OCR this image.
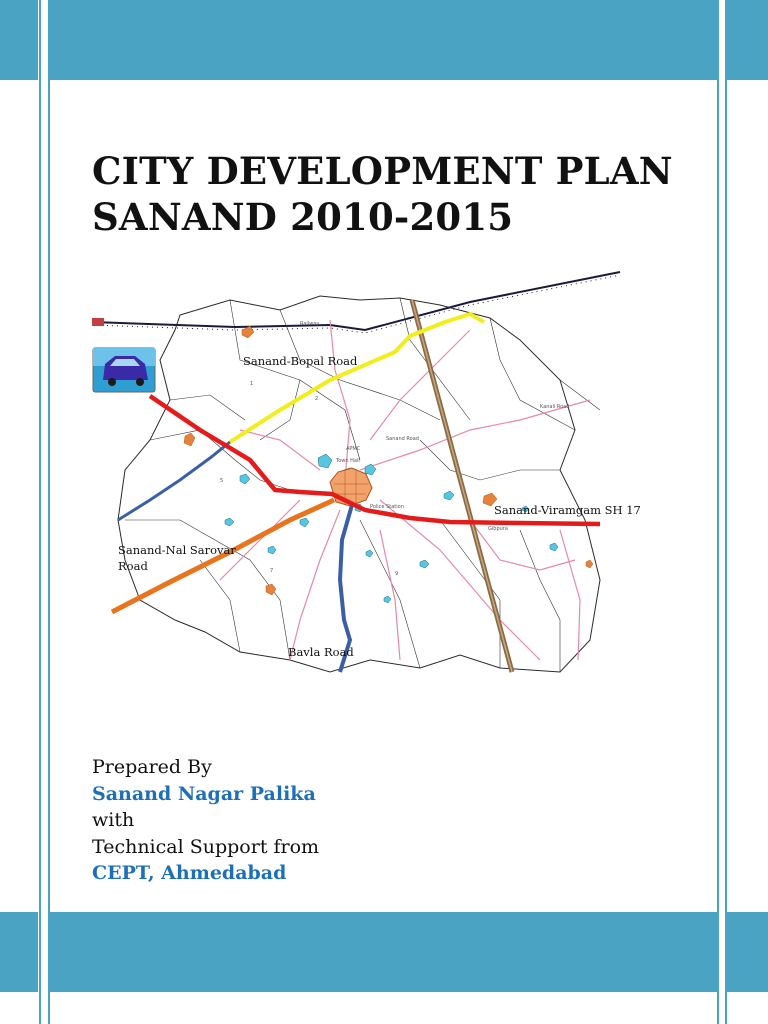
CITY DEVELOPMENT PLAN
SANAND 2010-2015
Railway
APMC
Town Hall
Police Station
Gibpura
Kanali Road
Sanand Road
1
2
5
7	9
Sanand-Bopal Road
Sanand-Viramgam SH 17
Sanand-Nal Sarovar
Road
Bavla Road
Prepared By
Sanand Nagar Palika
with
Technical Support from
CEPT, Ahmedabad
